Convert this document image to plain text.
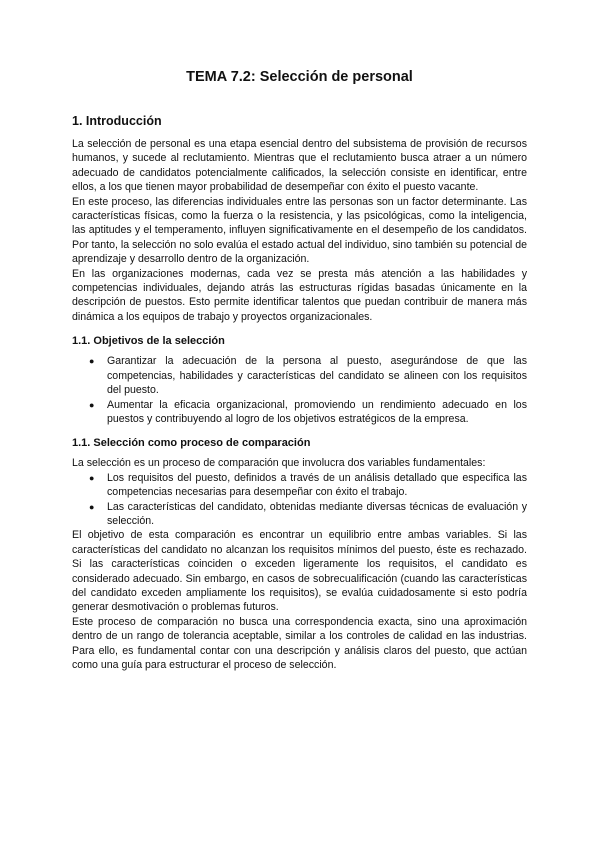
TEMA 7.2: Selección de personal
1. Introducción

La selección de personal es una etapa esencial dentro del subsistema de provisión de recursos humanos, y sucede al reclutamiento. Mientras que el reclutamiento busca atraer a un número adecuado de candidatos potencialmente calificados, la selección consiste en identificar, entre ellos, a los que tienen mayor probabilidad de desempeñar con éxito el puesto vacante.

En este proceso, las diferencias individuales entre las personas son un factor determinante. Las características físicas, como la fuerza o la resistencia, y las psicológicas, como la inteligencia, las aptitudes y el temperamento, influyen significativamente en el desempeño de los candidatos. Por tanto, la selección no solo evalúa el estado actual del individuo, sino también su potencial de aprendizaje y desarrollo dentro de la organización.

En las organizaciones modernas, cada vez se presta más atención a las habilidades y competencias individuales, dejando atrás las estructuras rígidas basadas únicamente en la descripción de puestos. Esto permite identificar talentos que puedan contribuir de manera más dinámica a los equipos de trabajo y proyectos organizacionales.

1.1. Objetivos de la selección
● Garantizar la adecuación de la persona al puesto, asegurándose de que las competencias, habilidades y características del candidato se alineen con los requisitos del puesto.
● Aumentar la eficacia organizacional, promoviendo un rendimiento adecuado en los puestos y contribuyendo al logro de los objetivos estratégicos de la empresa.
1.1. Selección como proceso de comparación

La selección es un proceso de comparación que involucra dos variables fundamentales:

● Los requisitos del puesto, definidos a través de un análisis detallado que especifica las competencias necesarias para desempeñar con éxito el trabajo.
● Las características del candidato, obtenidas mediante diversas técnicas de evaluación y selección.

El objetivo de esta comparación es encontrar un equilibrio entre ambas variables. Si las características del candidato no alcanzan los requisitos mínimos del puesto, éste es rechazado. Si las características coinciden o exceden ligeramente los requisitos, el candidato es considerado adecuado. Sin embargo, en casos de sobrecualificación (cuando las características del candidato exceden ampliamente los requisitos), se evalúa cuidadosamente si esto podría generar desmotivación o problemas futuros.

Este proceso de comparación no busca una correspondencia exacta, sino una aproximación dentro de un rango de tolerancia aceptable, similar a los controles de calidad en las industrias. Para ello, es fundamental contar con una descripción y análisis claros del puesto, que actúan como una guía para estructurar el proceso de selección.
